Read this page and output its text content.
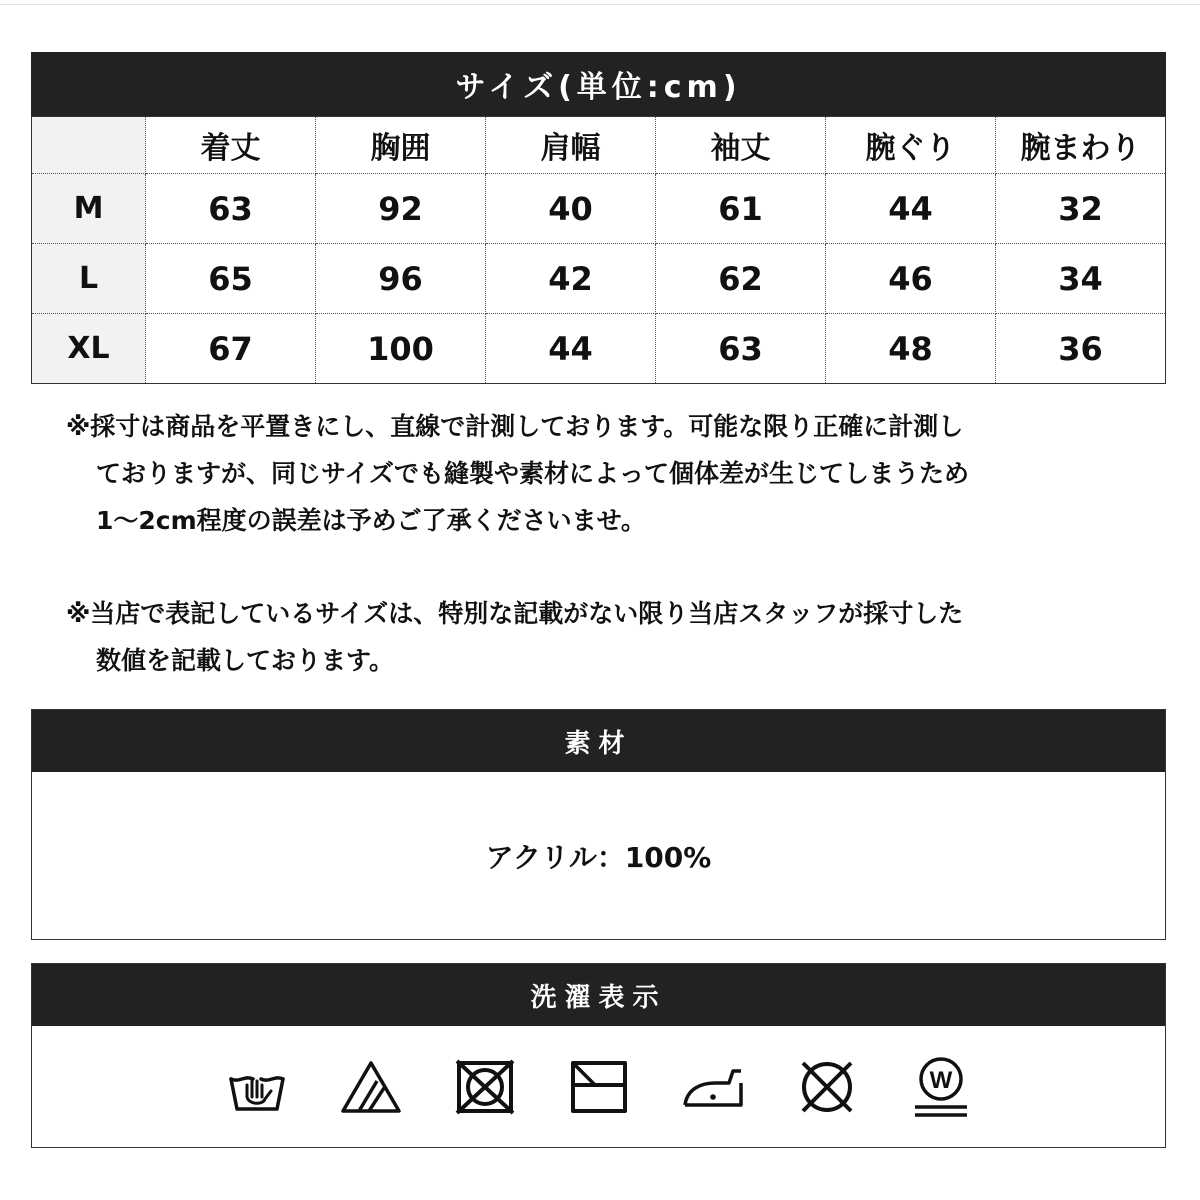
サイズ(単位:cm)
	着丈	胸囲	肩幅	袖丈	腕ぐり	腕まわり
M	63	92	40	61	44	32
L	65	96	42	62	46	34
XL	67	100	44	63	48	36
※採寸は商品を平置きにし、直線で計測しております。可能な限り正確に計測し
ておりますが、同じサイズでも縫製や素材によって個体差が生じてしまうため
1～2cm程度の誤差は予めご了承くださいませ。
※当店で表記しているサイズは、特別な記載がない限り当店スタッフが採寸した
数値を記載しております。
素材
アクリル：100%
洗濯表示
W
